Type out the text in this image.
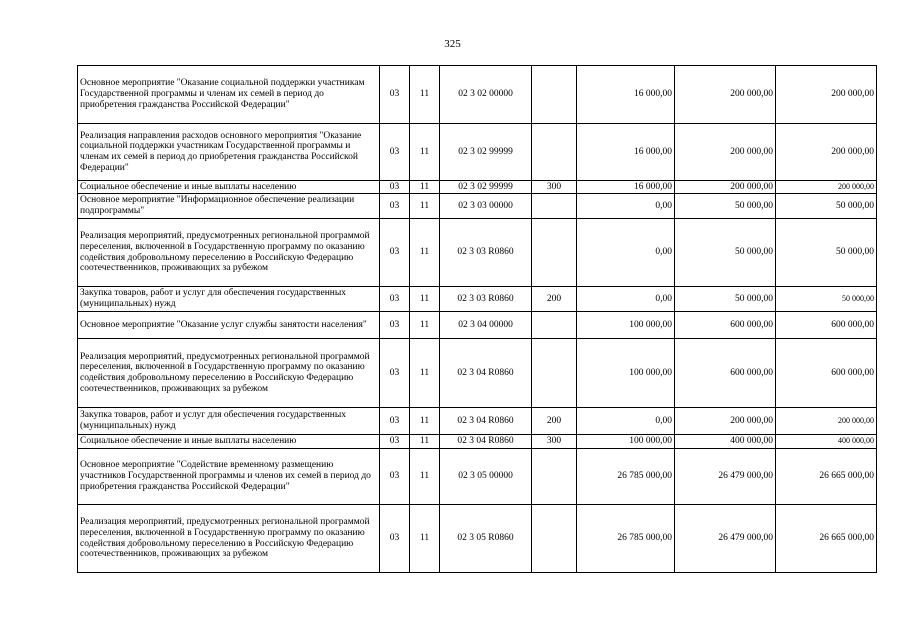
325
Основное мероприятие "Оказание социальной поддержки участникам Государственной программы и членам их семей в период до приобретения гражданства Российской Федерации"	03	11	02 3 02 00000		16 000,00	200 000,00	200 000,00
Реализация направления расходов основного мероприятия "Оказание социальной поддержки участникам Государственной программы и членам их семей в период до приобретения гражданства Российской Федерации"	03	11	02 3 02 99999		16 000,00	200 000,00	200 000,00
Социальное обеспечение и иные выплаты населению	03	11	02 3 02 99999	300	16 000,00	200 000,00	200 000,00
Основное мероприятие "Информационное обеспечение реализации подпрограммы"	03	11	02 3 03 00000		0,00	50 000,00	50 000,00
Реализация мероприятий, предусмотренных региональной программой переселения, включенной в Государственную программу по оказанию содействия добровольному переселению в Российскую Федерацию соотечественников, проживающих за рубежом	03	11	02 3 03 R0860		0,00	50 000,00	50 000,00
Закупка товаров, работ и услуг для обеспечения государственных (муниципальных) нужд	03	11	02 3 03 R0860	200	0,00	50 000,00	50 000,00
Основное мероприятие "Оказание услуг службы занятости населения"	03	11	02 3 04 00000		100 000,00	600 000,00	600 000,00
Реализация мероприятий, предусмотренных региональной программой переселения, включенной в Государственную программу по оказанию содействия добровольному переселению в Российскую Федерацию соотечественников, проживающих за рубежом	03	11	02 3 04 R0860		100 000,00	600 000,00	600 000,00
Закупка товаров, работ и услуг для обеспечения государственных (муниципальных) нужд	03	11	02 3 04 R0860	200	0,00	200 000,00	200 000,00
Социальное обеспечение и иные выплаты населению	03	11	02 3 04 R0860	300	100 000,00	400 000,00	400 000,00
Основное мероприятие "Содействие временному размещению участников Государственной программы и членов их семей в период до приобретения гражданства Российской Федерации"	03	11	02 3 05 00000		26 785 000,00	26 479 000,00	26 665 000,00
Реализация мероприятий, предусмотренных региональной программой переселения, включенной в Государственную программу по оказанию содействия добровольному переселению в Российскую Федерацию соотечественников, проживающих за рубежом	03	11	02 3 05 R0860		26 785 000,00	26 479 000,00	26 665 000,00
